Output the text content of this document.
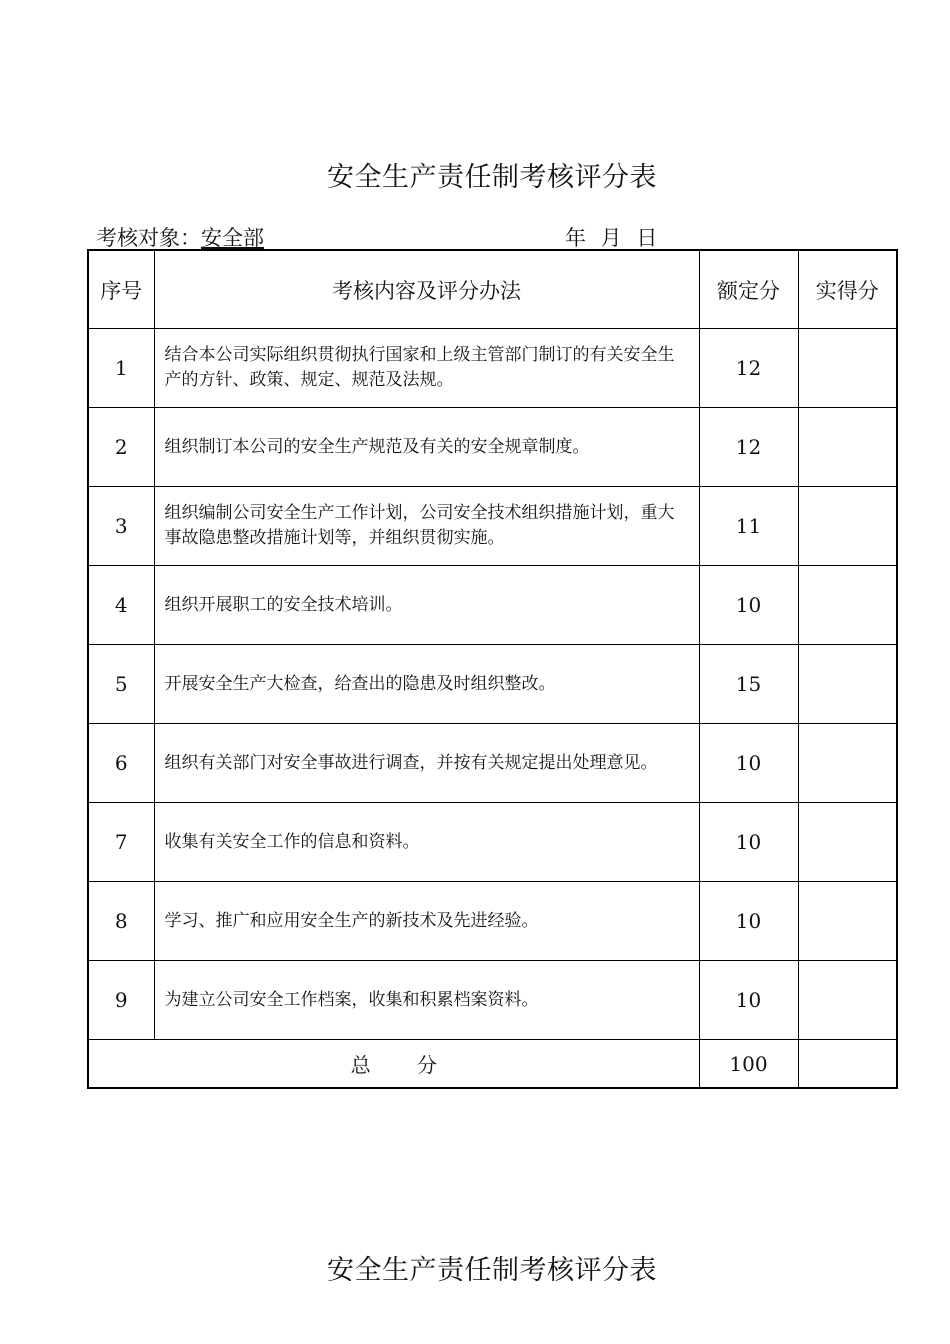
安全生产责任制考核评分表
考核对象：安全部	年 月 日
序号	考核内容及评分办法	额定分	实得分
1	结合本公司实际组织贯彻执行国家和上级主管部门制订的有关安全生产的方针、政策、规定、规范及法规。	12	
2	组织制订本公司的安全生产规范及有关的安全规章制度。	12	
3	组织编制公司安全生产工作计划，公司安全技术组织措施计划，重大事故隐患整改措施计划等，并组织贯彻实施。	11	
4	组织开展职工的安全技术培训。	10	
5	开展安全生产大检查，给查出的隐患及时组织整改。	15	
6	组织有关部门对安全事故进行调查，并按有关规定提出处理意见。	10	
7	收集有关安全工作的信息和资料。	10	
8	学习、推广和应用安全生产的新技术及先进经验。	10	
9	为建立公司安全工作档案，收集和积累档案资料。	10	
总 分		100	
安全生产责任制考核评分表
